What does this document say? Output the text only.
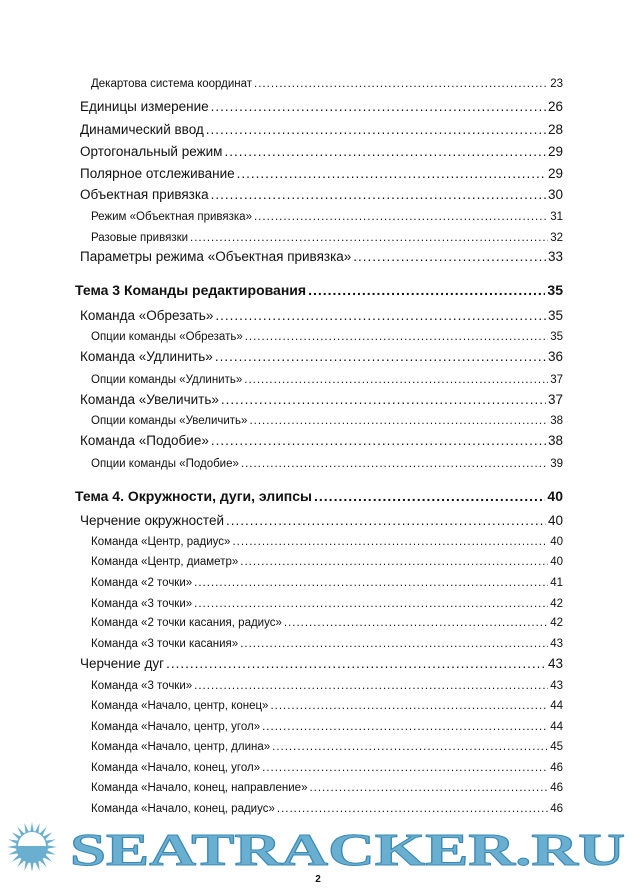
Декартова система координат .....	23
Единицы измерение .....	26
Динамический ввод .....	28
Ортогональный режим .....	29
Полярное отслеживание .....	29
Объектная привязка .....	30
Режим «Объектная привязка» .....	31
Разовые привязки .....	32
Параметры режима «Объектная привязка» .....	33
Тема 3 Команды редактирования .....	35
Команда «Обрезать» .....	35
Опции команды «Обрезать» .....	35
Команда «Удлинить» .....	36
Опции команды «Удлинить» .....	37
Команда «Увеличить» .....	37
Опции команды «Увеличить» .....	38
Команда «Подобие» .....	38
Опции команды «Подобие» .....	39
Тема 4. Окружности, дуги, элипсы .....	40
Черчение окружностей .....	40
Команда «Центр, радиус» .....	40
Команда «Центр, диаметр» .....	40
Команда «2 точки» .....	41
Команда «3 точки» .....	42
Команда «2 точки касания, радиус» .....	42
Команда «3 точки касания» .....	43
Черчение дуг .....	43
Команда «3 точки» .....	43
Команда «Начало, центр, конец» .....	44
Команда «Начало, центр, угол» .....	44
Команда «Начало, центр, длина» .....	45
Команда «Начало, конец, угол» .....	46
Команда «Начало, конец, направление» .....	46
Команда «Начало, конец, радиус» .....	46
SEATRACKER.RU
2
